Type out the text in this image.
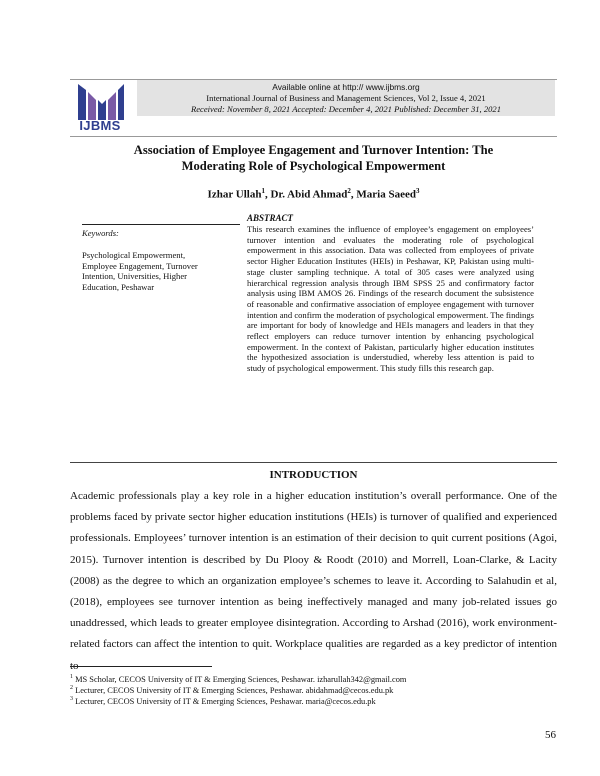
Available online at http:// www.ijbms.org
International Journal of Business and Management Sciences, Vol 2, Issue 4, 2021
Received: November 8, 2021 Accepted: December 4, 2021 Published: December 31, 2021
IJBMS
Association of Employee Engagement and Turnover Intention: The
Moderating Role of Psychological Empowerment
Izhar Ullah$^1$, Dr. Abid Ahmad$^2$, Maria Saeed$^3$
Keywords:
Psychological Empowerment,
Employee Engagement, Turnover
Intention, Universities, Higher
Education, Peshawar
ABSTRACT
This research examines the influence of employee’s engagement on employees’ turnover intention and evaluates the moderating role of psychological empowerment in this association. Data was collected from employees of private sector Higher Education Institutes (HEIs) in Peshawar, KP, Pakistan using multi-stage cluster sampling technique. A total of 305 cases were analyzed using hierarchical regression analysis through IBM SPSS 25 and confirmatory factor analysis using IBM AMOS 26. Findings of the research document the subsistence of reasonable and confirmative association of employee engagement with turnover intention and confirm the moderation of psychological empowerment. The findings are important for body of knowledge and HEIs managers and leaders in that they reflect employers can reduce turnover intention by enhancing psychological empowerment. In the context of Pakistan, particularly higher education institutes the hypothesized association is understudied, whereby less attention is paid to study of psychological empowerment. This study fills this research gap.
INTRODUCTION
Academic professionals play a key role in a higher education institution’s overall performance. One of the problems faced by private sector higher education institutions (HEIs) is turnover of qualified and experienced professionals. Employees’ turnover intention is an estimation of their decision to quit current positions (Agoi, 2015). Turnover intention is described by Du Plooy & Roodt (2010) and Morrell, Loan-Clarke, & Lacity (2008) as the degree to which an organization employee’s schemes to leave it. According to Salahudin et al, (2018), employees see turnover intention as being ineffectively managed and many job-related issues go unaddressed, which leads to greater employee disintegration. According to Arshad (2016), work environment-related factors can affect the intention to quit. Workplace qualities are regarded as a key predictor of intention to
$^1$ MS Scholar, CECOS University of IT & Emerging Sciences, Peshawar. izharullah342@gmail.com
$^2$ Lecturer, CECOS University of IT & Emerging Sciences, Peshawar. abidahmad@cecos.edu.pk
$^3$ Lecturer, CECOS University of IT & Emerging Sciences, Peshawar. maria@cecos.edu.pk
56
